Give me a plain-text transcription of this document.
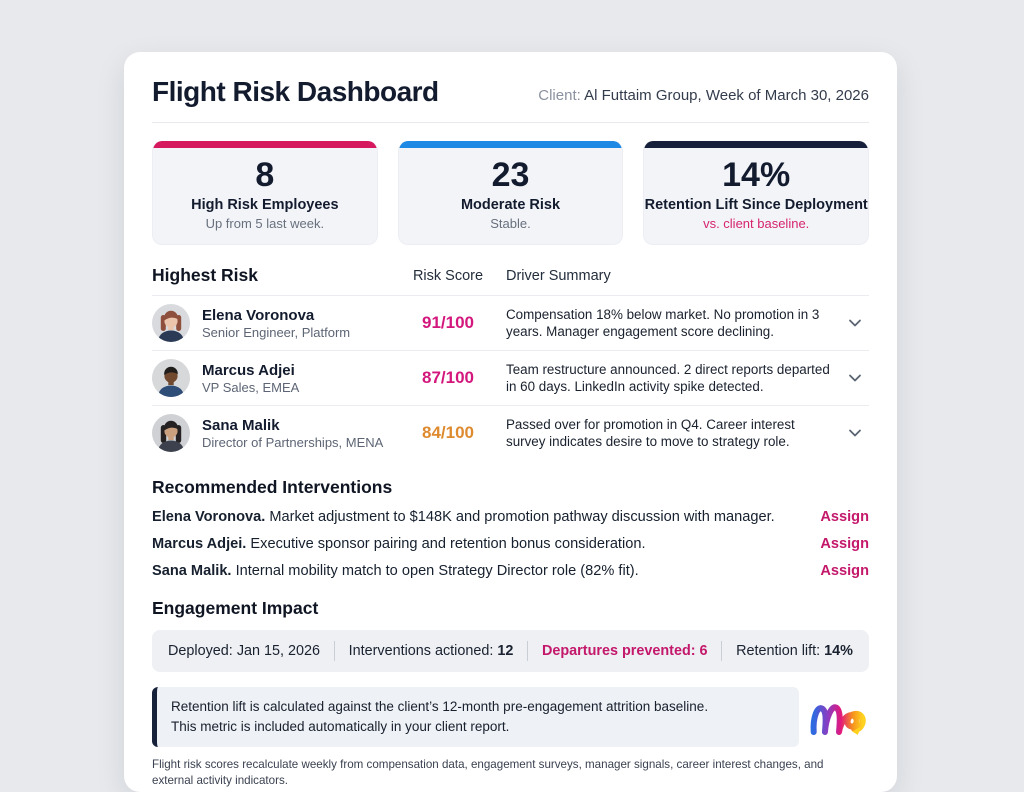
Flight Risk Dashboard	Client: Al Futtaim Group, Week of March 30, 2026
8
High Risk Employees
Up from 5 last week.
23
Moderate Risk
Stable.
14%
Retention Lift Since Deployment
vs. client baseline.
Highest Risk	Risk Score	Driver Summary
Elena Voronova
Senior Engineer, Platform	91/100	Compensation 18% below market. No promotion in 3 years. Manager engagement score declining.
Marcus Adjei
VP Sales, EMEA	87/100	Team restructure announced. 2 direct reports departed in 60 days. LinkedIn activity spike detected.
Sana Malik
Director of Partnerships, MENA	84/100	Passed over for promotion in Q4. Career interest survey indicates desire to move to strategy role.
Recommended Interventions
Elena Voronova. Market adjustment to $148K and promotion pathway discussion with manager.	Assign
Marcus Adjei. Executive sponsor pairing and retention bonus consideration.	Assign
Sana Malik. Internal mobility match to open Strategy Director role (82% fit).	Assign
Engagement Impact
Deployed: Jan 15, 2026 Interventions actioned: 12 Departures prevented: 6 Retention lift: 14%
Retention lift is calculated against the client’s 12-month pre-engagement attrition baseline.
This metric is included automatically in your client report.
Flight risk scores recalculate weekly from compensation data, engagement surveys, manager signals, career interest changes, and external activity indicators.
